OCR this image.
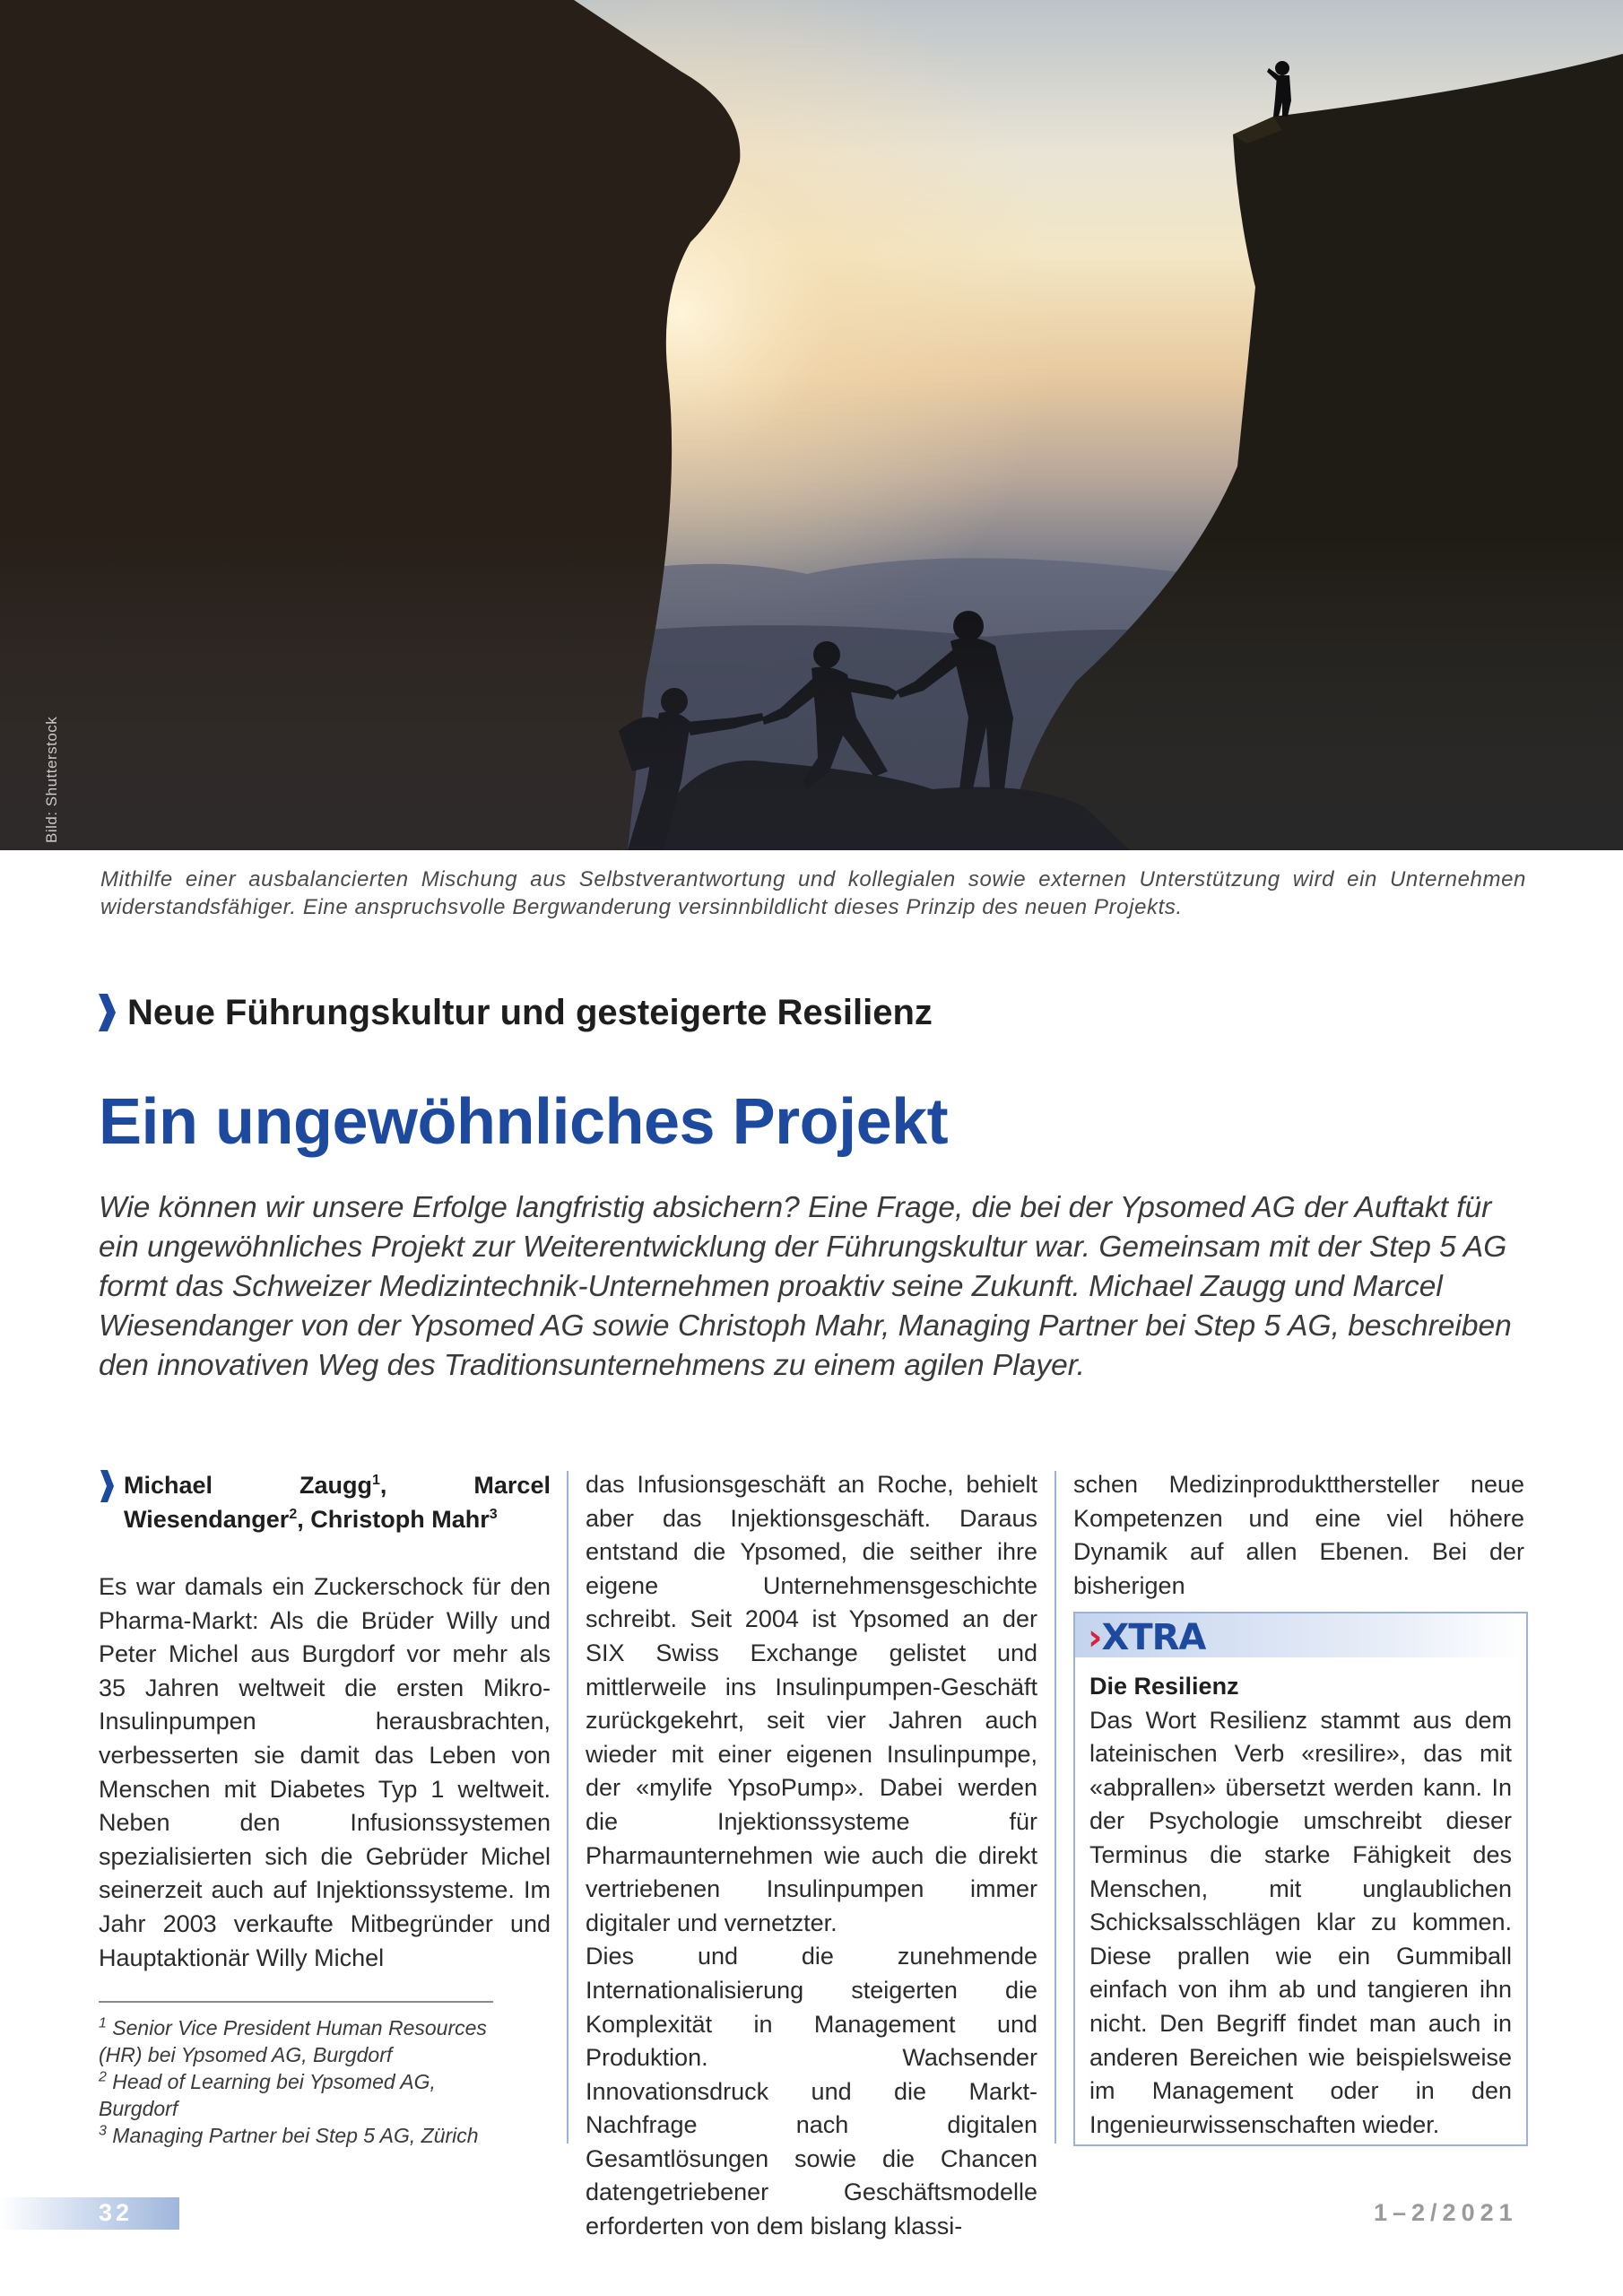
Bild: Shutterstock
Mithilfe einer ausbalancierten Mischung aus Selbstverantwortung und kollegialen sowie externen Unterstützung wird ein Unternehmen widerstandsfähiger. Eine anspruchsvolle Bergwanderung versinnbildlicht dieses Prinzip des neuen Projekts.
Neue Führungskultur und gesteigerte Resilienz
Ein ungewöhnliches Projekt
Wie können wir unsere Erfolge langfristig absichern? Eine Frage, die bei der Ypsomed AG der Auftakt für ein ungewöhnliches Projekt zur Weiterentwicklung der Führungskultur war. Gemeinsam mit der Step 5 AG formt das Schweizer Medizintechnik-Unternehmen proaktiv seine Zukunft. Michael Zaugg und Marcel Wiesendanger von der Ypsomed AG sowie Christoph Mahr, Managing Partner bei Step 5 AG, beschreiben den innovativen Weg des Traditionsunternehmens zu einem agilen Player.
Michael Zaugg$^1$, Marcel Wiesendanger$^2$, Christoph Mahr$^3$

Es war damals ein Zuckerschock für den Pharma-Markt: Als die Brüder Willy und Peter Michel aus Burgdorf vor mehr als 35 Jahren weltweit die ersten Mikro-Insulinpumpen herausbrachten, verbesserten sie damit das Leben von Menschen mit Diabetes Typ 1 weltweit. Neben den Infusionssystemen spezialisierten sich die Gebrüder Michel seinerzeit auch auf Injektionssysteme. Im Jahr 2003 verkaufte Mitbegründer und Hauptaktionär Willy Michel

$^1$ Senior Vice President Human Resources (HR) bei Ypsomed AG, Burgdorf
$^2$ Head of Learning bei Ypsomed AG, Burgdorf
$^3$ Managing Partner bei Step 5 AG, Zürich

das Infusionsgeschäft an Roche, behielt aber das Injektionsgeschäft. Daraus entstand die Ypsomed, die seither ihre eigene Unternehmensgeschichte schreibt. Seit 2004 ist Ypsomed an der SIX Swiss Exchange gelistet und mittlerweile ins Insulinpumpen-Geschäft zurückgekehrt, seit vier Jahren auch wieder mit einer eigenen Insulinpumpe, der «mylife YpsoPump». Dabei werden die Injektionssysteme für Pharmaunternehmen wie auch die direkt vertriebenen Insulinpumpen immer digitaler und vernetzter.

Dies und die zunehmende Internationalisierung steigerten die Komplexität in Management und Produktion. Wachsender Innovationsdruck und die Markt-Nachfrage nach digitalen Gesamtlösungen sowie die Chancen datengetriebener Geschäftsmodelle erforderten von dem bislang klassi-

schen Medizinproduktthersteller neue Kompetenzen und eine viel höhere Dynamik auf allen Ebenen. Bei der bisherigen

›XTRA
Die Resilienz
Das Wort Resilienz stammt aus dem lateinischen Verb «resilire», das mit «abprallen» übersetzt werden kann. In der Psychologie umschreibt dieser Terminus die starke Fähigkeit des Menschen, mit unglaublichen Schicksalsschlägen klar zu kommen. Diese prallen wie ein Gummiball einfach von ihm ab und tangieren ihn nicht. Den Begriff findet man auch in anderen Bereichen wie beispielsweise im Management oder in den Ingenieurwissenschaften wieder.
32	1–2/2021
